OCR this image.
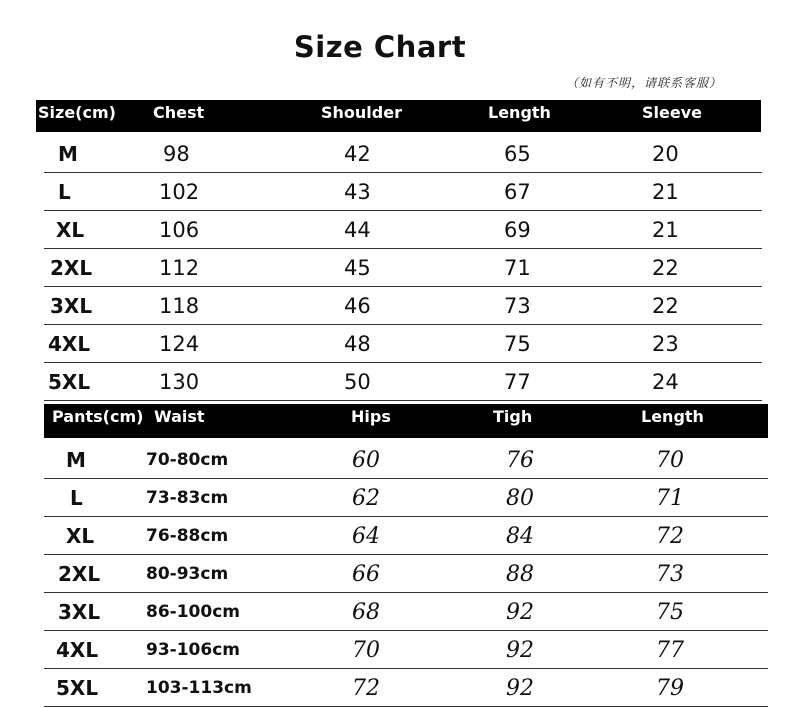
Size Chart
（如有不明，请联系客服）
Size(cm) Chest	Shoulder	Length	Sleeve
M	98	42	65	20
L	102	43	67	21
XL	106	44	69	21
2XL	112	45	71	22
3XL	118	46	73	22
4XL	124	48	75	23
5XL	130	50	77	24
Pants(cm) Waist	Hips	Tigh	Length
M	70-80cm	60	76	70
L	73-83cm	62	80	71
XL	76-88cm	64	84	72
2XL	80-93cm	66	88	73
3XL	86-100cm	68	92	75
4XL	93-106cm	70	92	77
5XL	103-113cm	72	92	79
